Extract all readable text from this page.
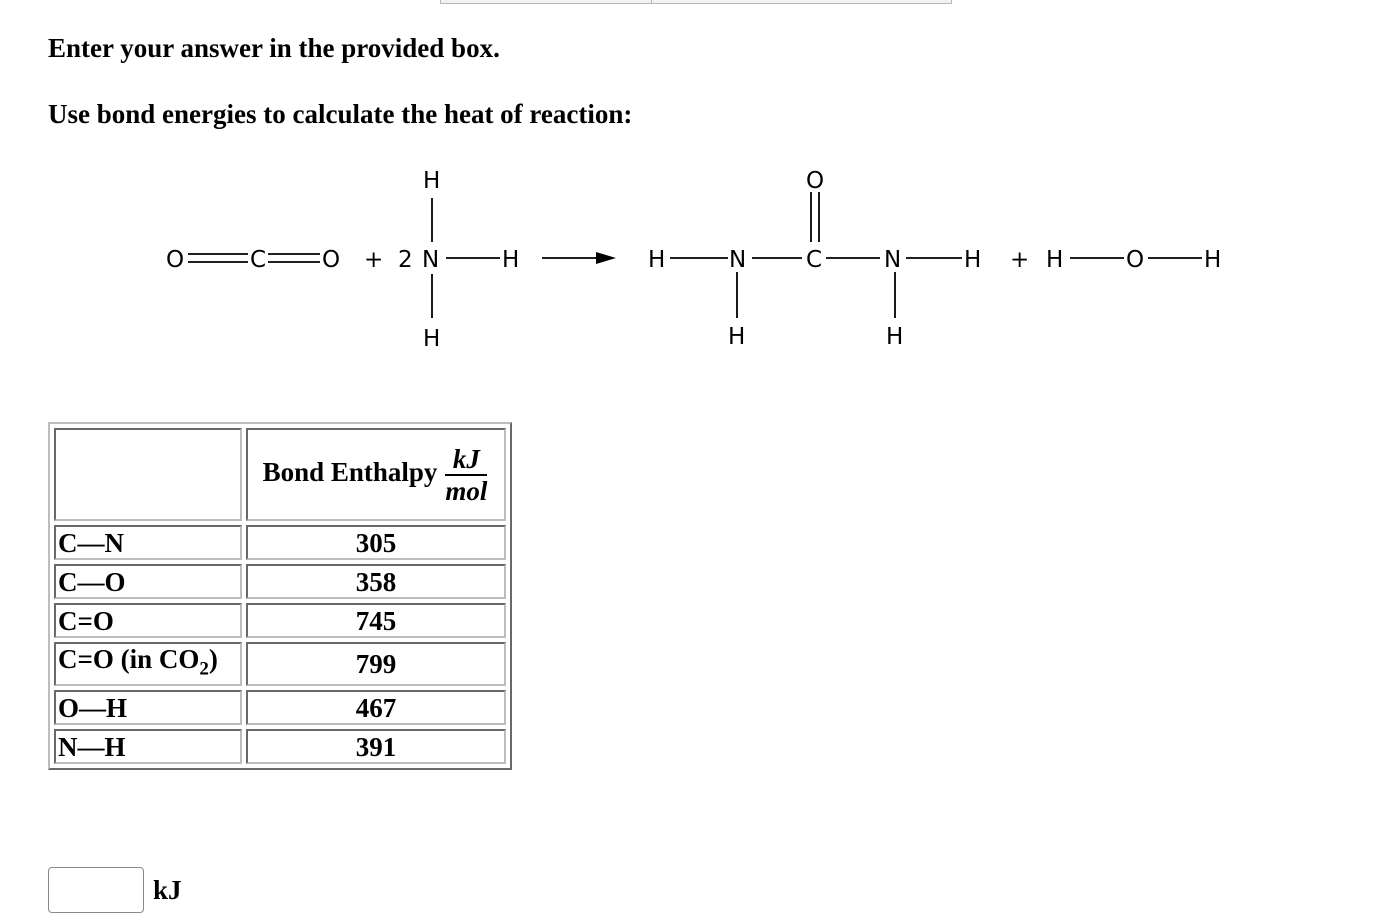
Enter your answer in the provided box.

Use bond energies to calculate the heat of reaction:

O	C O + 2 N	H
H
H
H	N	C
O
N	H
H	H
+ H	O	H
	Bond Enthalpy $\frac{kJ}{\text{mol}}$

C—N	305
C—O	358
C=O	745
C=O (in $CO_2$)	799
O—H	467
N—H	391
kJ
